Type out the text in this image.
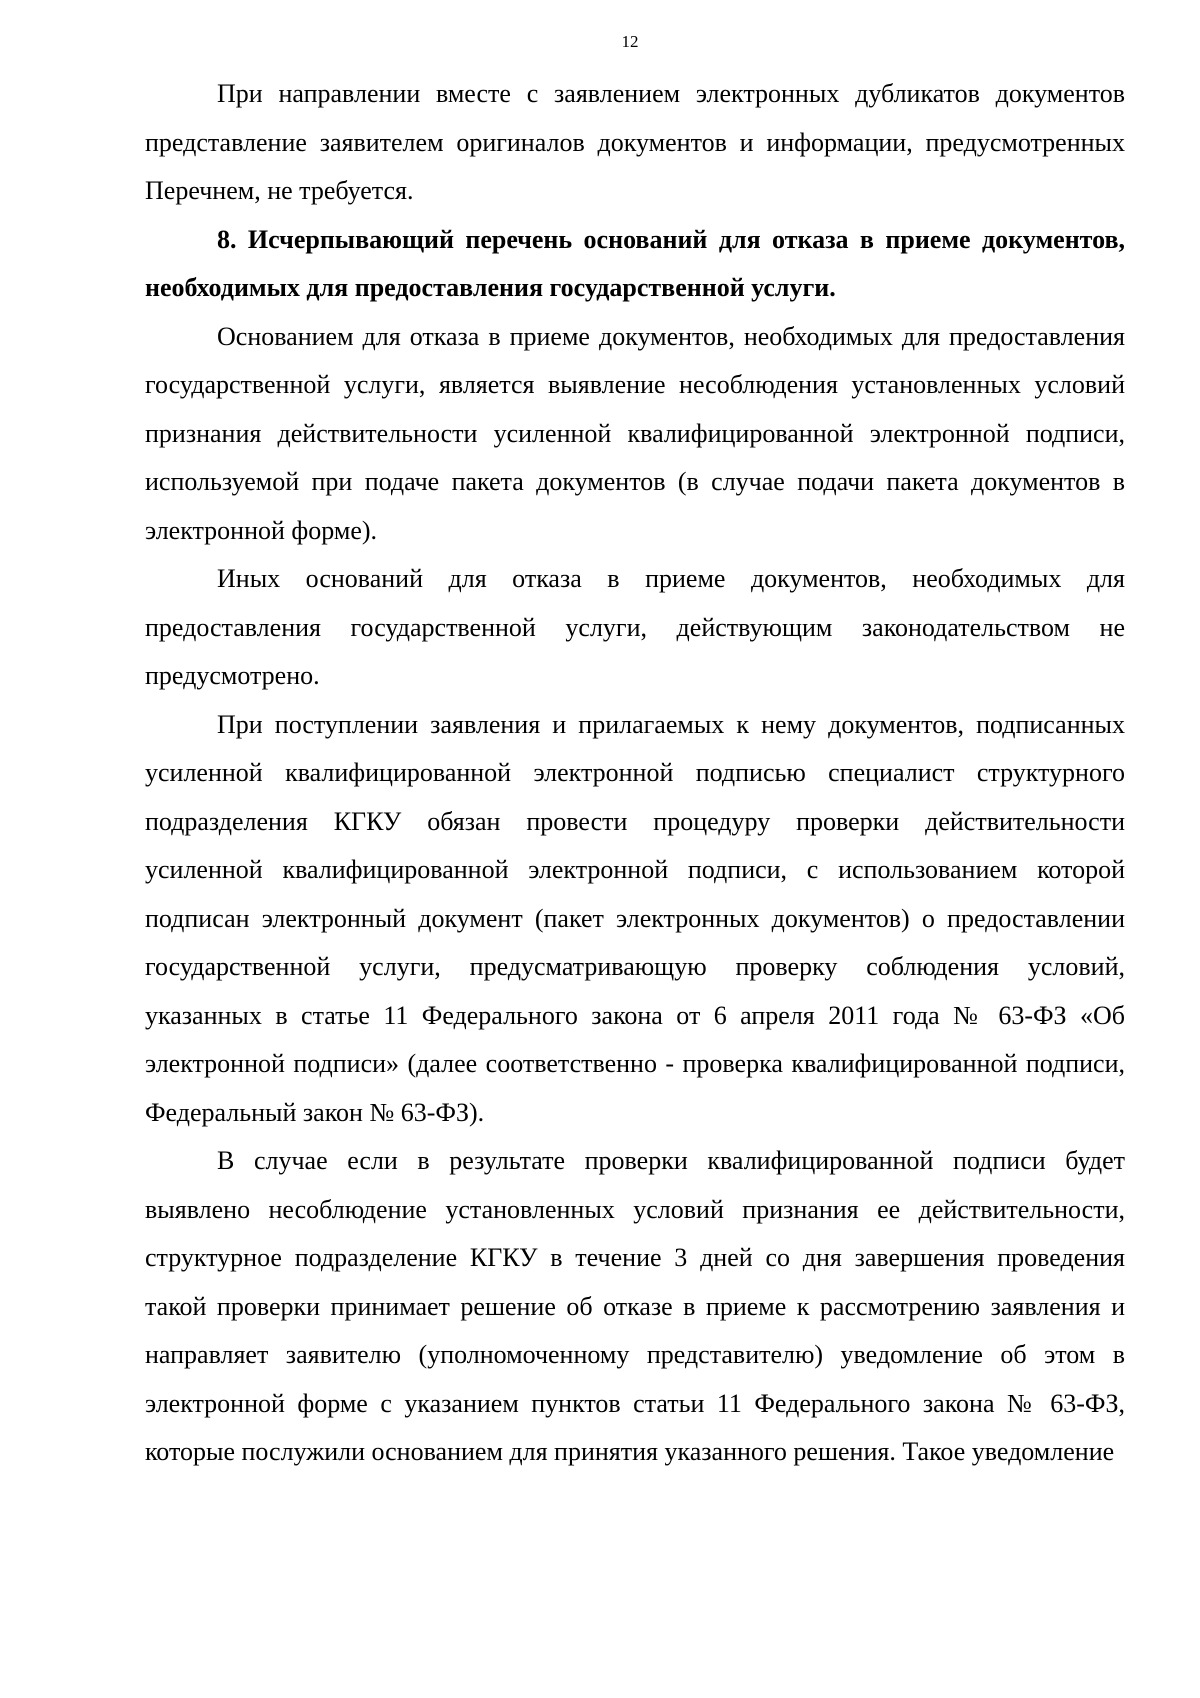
12

При направлении вместе с заявлением электронных дубликатов документов представление заявителем оригиналов документов и информации, предусмотренных Перечнем, не требуется.

8. Исчерпывающий перечень оснований для отказа в приеме документов, необходимых для предоставления государственной услуги.

Основанием для отказа в приеме документов, необходимых для предоставления государственной услуги, является выявление несоблюдения установленных условий признания действительности усиленной квалифицированной электронной подписи, используемой при подаче пакета документов (в случае подачи пакета документов в электронной форме).

Иных оснований для отказа в приеме документов, необходимых для предоставления государственной услуги, действующим законодательством не предусмотрено.

При поступлении заявления и прилагаемых к нему документов, подписанных усиленной квалифицированной электронной подписью специалист структурного подразделения КГКУ обязан провести процедуру проверки действительности усиленной квалифицированной электронной подписи, с использованием которой подписан электронный документ (пакет электронных документов) о предоставлении государственной услуги, предусматривающую проверку соблюдения условий, указанных в статье 11 Федерального закона от 6 апреля 2011 года № 63-ФЗ «Об электронной подписи» (далее соответственно - проверка квалифицированной подписи, Федеральный закон № 63-ФЗ).

В случае если в результате проверки квалифицированной подписи будет выявлено несоблюдение установленных условий признания ее действительности, структурное подразделение КГКУ в течение 3 дней со дня завершения проведения такой проверки принимает решение об отказе в приеме к рассмотрению заявления и направляет заявителю (уполномоченному представителю) уведомление об этом в электронной форме с указанием пунктов статьи 11 Федерального закона № 63-ФЗ, которые послужили основанием для принятия указанного решения. Такое уведомление
